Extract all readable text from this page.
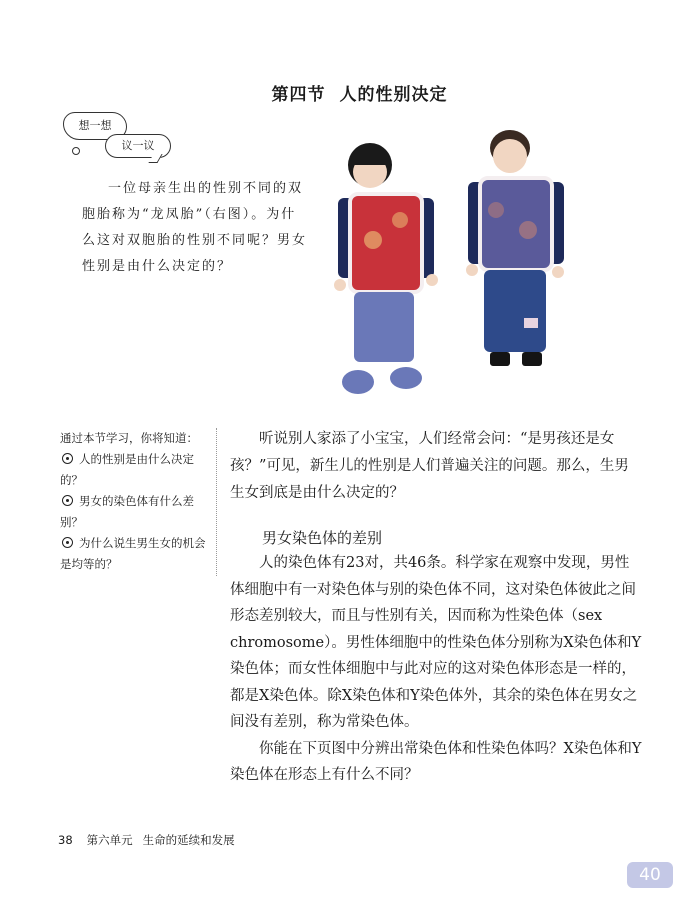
第四节 人的性别决定
想一想
议一议

一位母亲生出的性别不同的双胞胎称为“龙凤胎”（右图）。为什么这对双胞胎的性别不同呢？男女性别是由什么决定的？

通过本节学习，你将知道：

人的性别是由什么决定的？

男女的染色体有什么差别？

为什么说生男生女的机会是均等的？

听说别人家添了小宝宝，人们经常会问：“是男孩还是女孩？”可见，新生儿的性别是人们普遍关注的问题。那么，生男生女到底是由什么决定的？

男女染色体的差别

人的染色体有23对，共46条。科学家在观察中发现，男性体细胞中有一对染色体与别的染色体不同，这对染色体彼此之间形态差别较大，而且与性别有关，因而称为性染色体（sex chromosome）。男性体细胞中的性染色体分别称为X染色体和Y染色体；而女性体细胞中与此对应的这对染色体形态是一样的，都是X染色体。除X染色体和Y染色体外，其余的染色体在男女之间没有差别，称为常染色体。

你能在下页图中分辨出常染色体和性染色体吗？X染色体和Y染色体在形态上有什么不同？

38 第六单元 生命的延续和发展
40
